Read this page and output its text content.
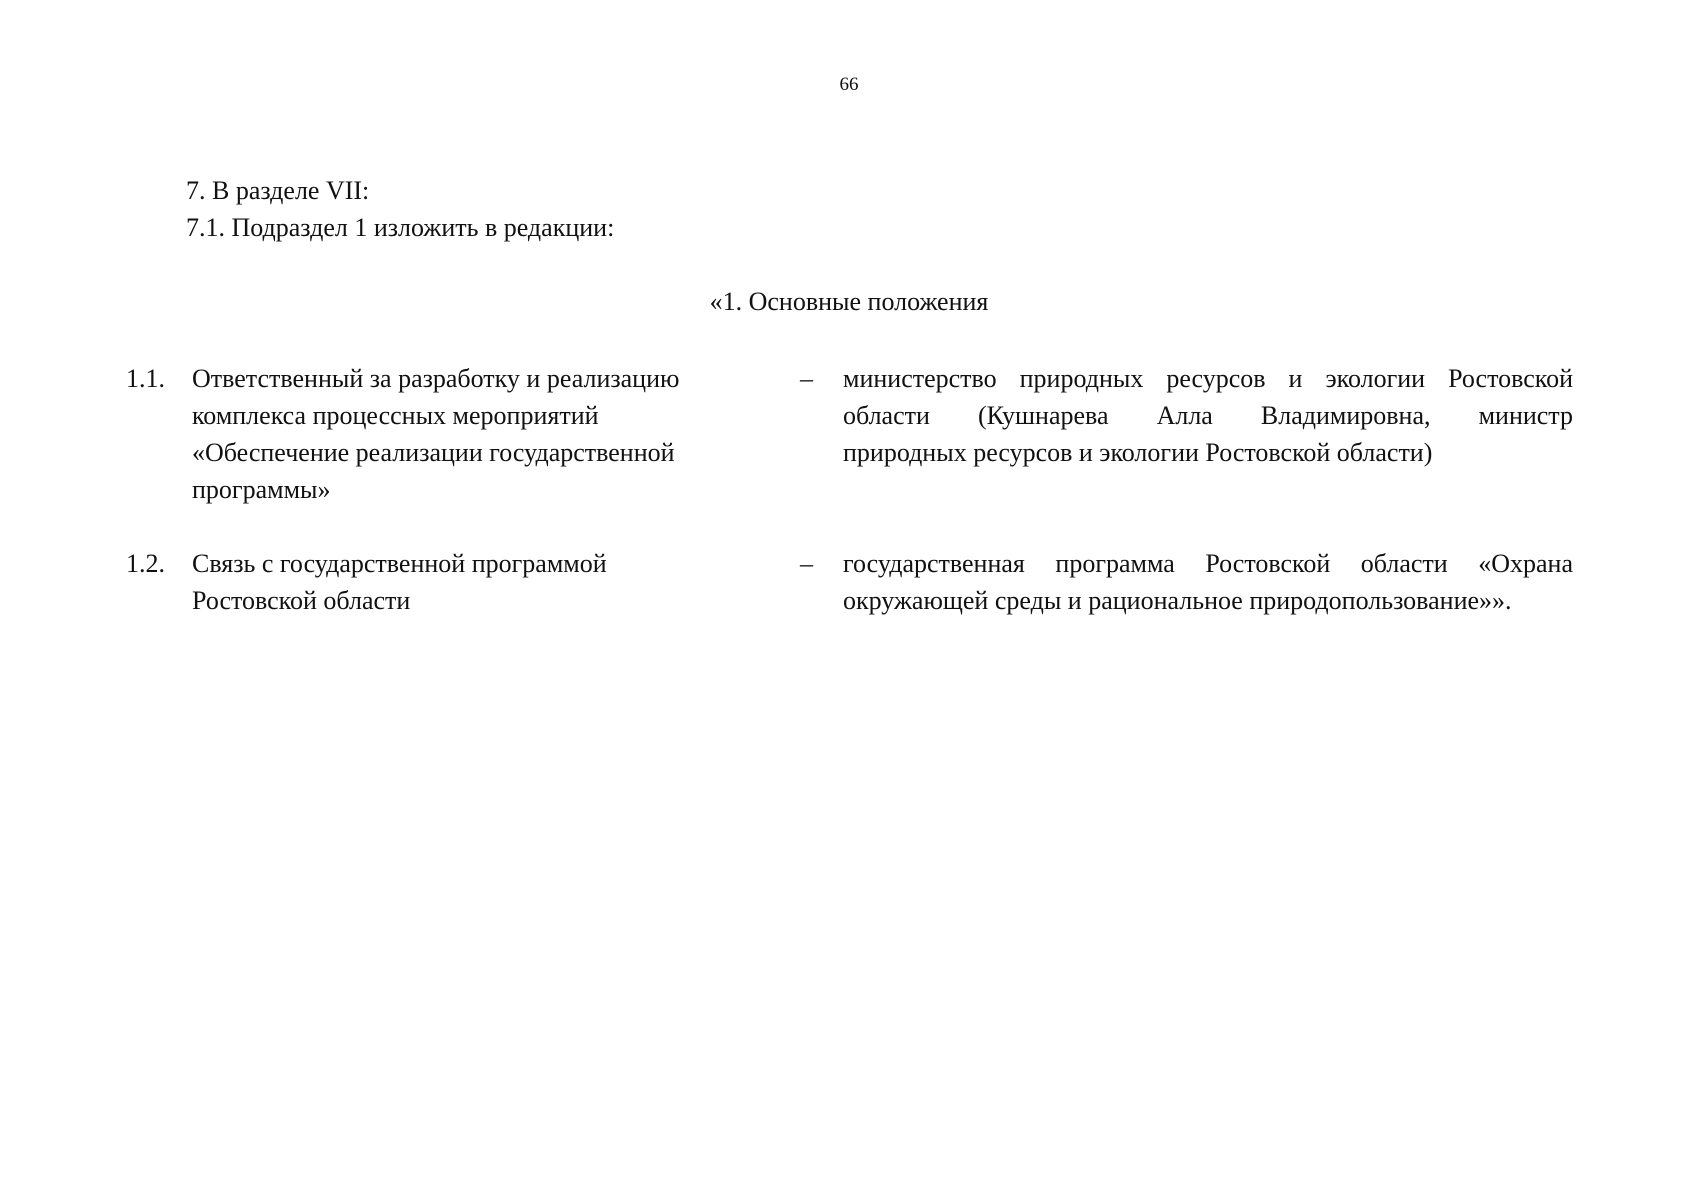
66
7. В разделе VII:
7.1. Подраздел 1 изложить в редакции:
«1. Основные положения
1.1. Ответственный за разработку и реализацию комплекса процессных мероприятий «Обеспечение реализации государственной программы»
– министерство природных ресурсов и экологии Ростовской
области (Кушнарева Алла Владимировна, министр
природных ресурсов и экологии Ростовской области)
1.2. Связь с государственной программой Ростовской области
– государственная программа Ростовской области «Охрана
окружающей среды и рациональное природопользование»».
